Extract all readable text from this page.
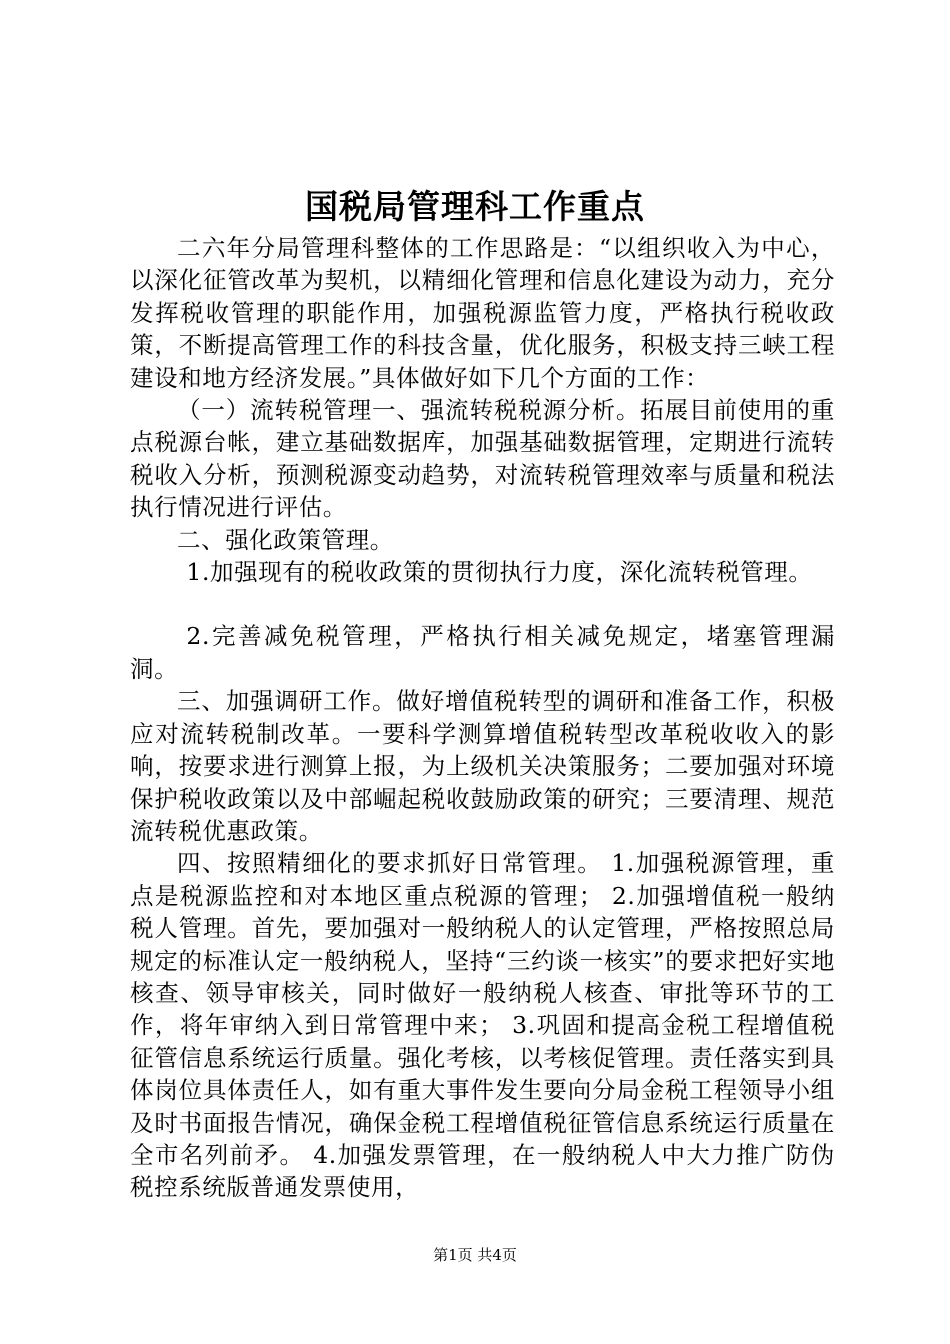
国税局管理科工作重点

二六年分局管理科整体的工作思路是：“以组织收入为中心，以深化征管改革为契机，以精细化管理和信息化建设为动力，充分发挥税收管理的职能作用，加强税源监管力度，严格执行税收政策，不断提高管理工作的科技含量，优化服务，积极支持三峡工程建设和地方经济发展。”具体做好如下几个方面的工作：

（一）流转税管理一、强流转税税源分析。拓展目前使用的重点税源台帐，建立基础数据库，加强基础数据管理，定期进行流转税收入分析，预测税源变动趋势，对流转税管理效率与质量和税法执行情况进行评估。

二、强化政策管理。

1.加强现有的税收政策的贯彻执行力度，深化流转税管理。

2.完善减免税管理，严格执行相关减免规定，堵塞管理漏洞。

三、加强调研工作。做好增值税转型的调研和准备工作，积极应对流转税制改革。一要科学测算增值税转型改革税收收入的影响，按要求进行测算上报，为上级机关决策服务；二要加强对环境保护税收政策以及中部崛起税收鼓励政策的研究；三要清理、规范流转税优惠政策。

四、按照精细化的要求抓好日常管理。 1.加强税源管理，重点是税源监控和对本地区重点税源的管理； 2.加强增值税一般纳税人管理。首先，要加强对一般纳税人的认定管理，严格按照总局规定的标准认定一般纳税人，坚持“三约谈一核实”的要求把好实地核查、领导审核关，同时做好一般纳税人核查、审批等环节的工作，将年审纳入到日常管理中来； 3.巩固和提高金税工程增值税征管信息系统运行质量。强化考核，以考核促管理。责任落实到具体岗位具体责任人，如有重大事件发生要向分局金税工程领导小组及时书面报告情况，确保金税工程增值税征管信息系统运行质量在全市名列前矛。 4.加强发票管理，在一般纳税人中大力推广防伪税控系统版普通发票使用，

第1页 共4页
